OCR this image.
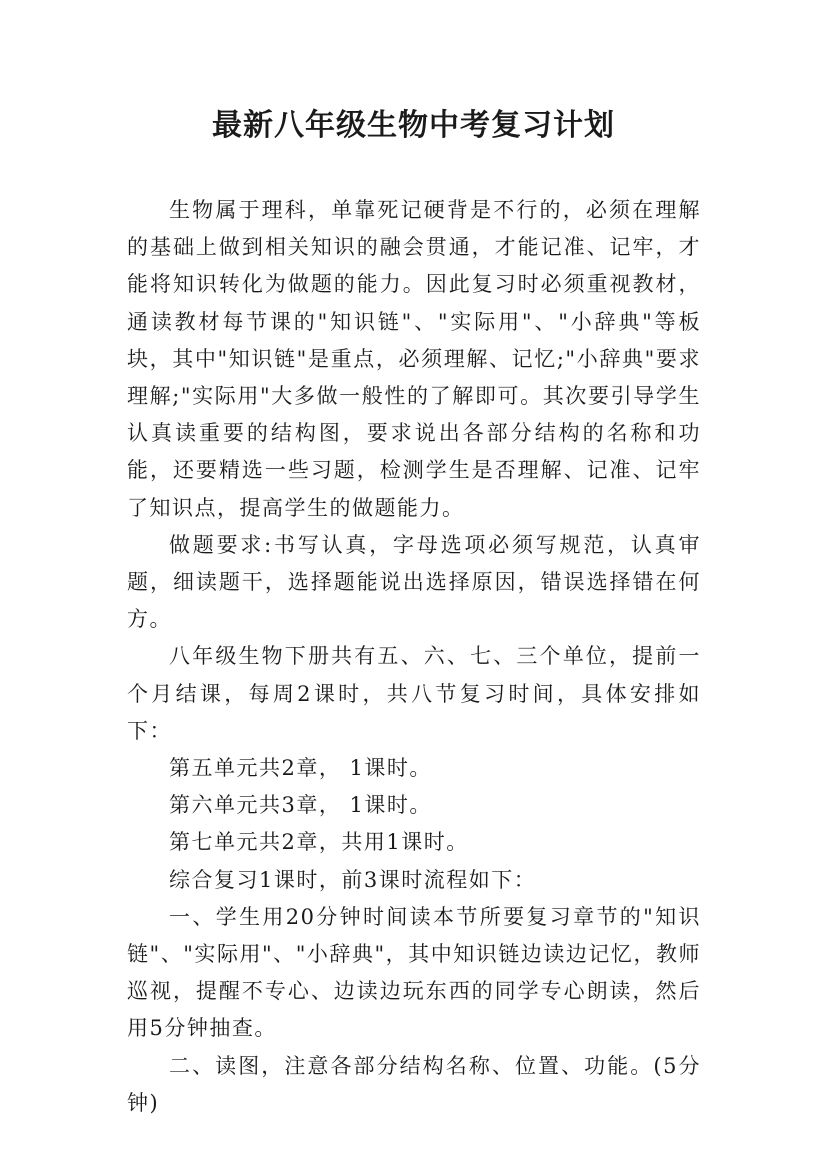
最新八年级生物中考复习计划

生物属于理科，单靠死记硬背是不行的，必须在理解的基础上做到相关知识的融会贯通，才能记准、记牢，才能将知识转化为做题的能力。因此复习时必须重视教材，通读教材每节课的"知识链"、"实际用"、"小辞典"等板块，其中"知识链"是重点，必须理解、记忆;"小辞典"要求理解;"实际用"大多做一般性的了解即可。其次要引导学生认真读重要的结构图，要求说出各部分结构的名称和功能，还要精选一些习题，检测学生是否理解、记准、记牢了知识点，提高学生的做题能力。

做题要求:书写认真，字母选项必须写规范，认真审题，细读题干，选择题能说出选择原因，错误选择错在何方。

八年级生物下册共有五、六、七、三个单位，提前一个月结课，每周2课时，共八节复习时间，具体安排如下：

第五单元共2章， 1课时。

第六单元共3章， 1课时。

第七单元共2章，共用1课时。

综合复习1课时，前3课时流程如下：

一、学生用20分钟时间读本节所要复习章节的"知识链"、"实际用"、"小辞典"，其中知识链边读边记忆，教师巡视，提醒不专心、边读边玩东西的同学专心朗读，然后用5分钟抽查。

二、读图，注意各部分结构名称、位置、功能。(5分钟)
